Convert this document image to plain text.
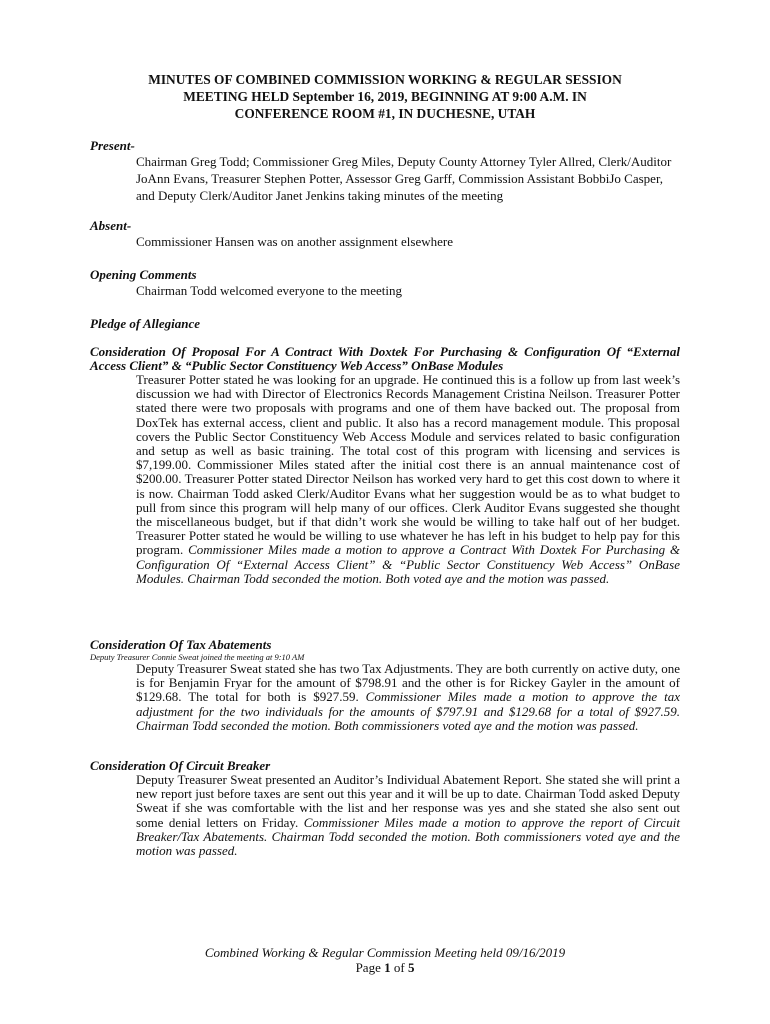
MINUTES OF COMBINED COMMISSION WORKING & REGULAR SESSION
MEETING HELD September 16, 2019, BEGINNING AT 9:00 A.M. IN
CONFERENCE ROOM #1, IN DUCHESNE, UTAH
Present-
Chairman Greg Todd; Commissioner Greg Miles, Deputy County Attorney Tyler Allred, Clerk/Auditor JoAnn Evans, Treasurer Stephen Potter, Assessor Greg Garff, Commission Assistant BobbiJo Casper, and Deputy Clerk/Auditor Janet Jenkins taking minutes of the meeting
Absent-
Commissioner Hansen was on another assignment elsewhere
Opening Comments
Chairman Todd welcomed everyone to the meeting
Pledge of Allegiance
Consideration Of Proposal For A Contract With Doxtek For Purchasing & Configuration Of “External Access Client” & “Public Sector Constituency Web Access” OnBase Modules
Treasurer Potter stated he was looking for an upgrade. He continued this is a follow up from last week’s discussion we had with Director of Electronics Records Management Cristina Neilson. Treasurer Potter stated there were two proposals with programs and one of them have backed out. The proposal from DoxTek has external access, client and public. It also has a record management module. This proposal covers the Public Sector Constituency Web Access Module and services related to basic configuration and setup as well as basic training. The total cost of this program with licensing and services is $7,199.00. Commissioner Miles stated after the initial cost there is an annual maintenance cost of $200.00. Treasurer Potter stated Director Neilson has worked very hard to get this cost down to where it is now. Chairman Todd asked Clerk/Auditor Evans what her suggestion would be as to what budget to pull from since this program will help many of our offices. Clerk Auditor Evans suggested she thought the miscellaneous budget, but if that didn’t work she would be willing to take half out of her budget. Treasurer Potter stated he would be willing to use whatever he has left in his budget to help pay for this program. Commissioner Miles made a motion to approve a Contract With Doxtek For Purchasing & Configuration Of “External Access Client” & “Public Sector Constituency Web Access” OnBase Modules. Chairman Todd seconded the motion. Both voted aye and the motion was passed.
Consideration Of Tax Abatements
Deputy Treasurer Connie Sweat joined the meeting at 9:10 AM
Deputy Treasurer Sweat stated she has two Tax Adjustments. They are both currently on active duty, one is for Benjamin Fryar for the amount of $798.91 and the other is for Rickey Gayler in the amount of $129.68. The total for both is $927.59. Commissioner Miles made a motion to approve the tax adjustment for the two individuals for the amounts of $797.91 and $129.68 for a total of $927.59. Chairman Todd seconded the motion. Both commissioners voted aye and the motion was passed.
Consideration Of Circuit Breaker
Deputy Treasurer Sweat presented an Auditor’s Individual Abatement Report. She stated she will print a new report just before taxes are sent out this year and it will be up to date. Chairman Todd asked Deputy Sweat if she was comfortable with the list and her response was yes and she stated she also sent out some denial letters on Friday. Commissioner Miles made a motion to approve the report of Circuit Breaker/Tax Abatements. Chairman Todd seconded the motion. Both commissioners voted aye and the motion was passed.
Combined Working & Regular Commission Meeting held 09/16/2019
Page 1 of 5
